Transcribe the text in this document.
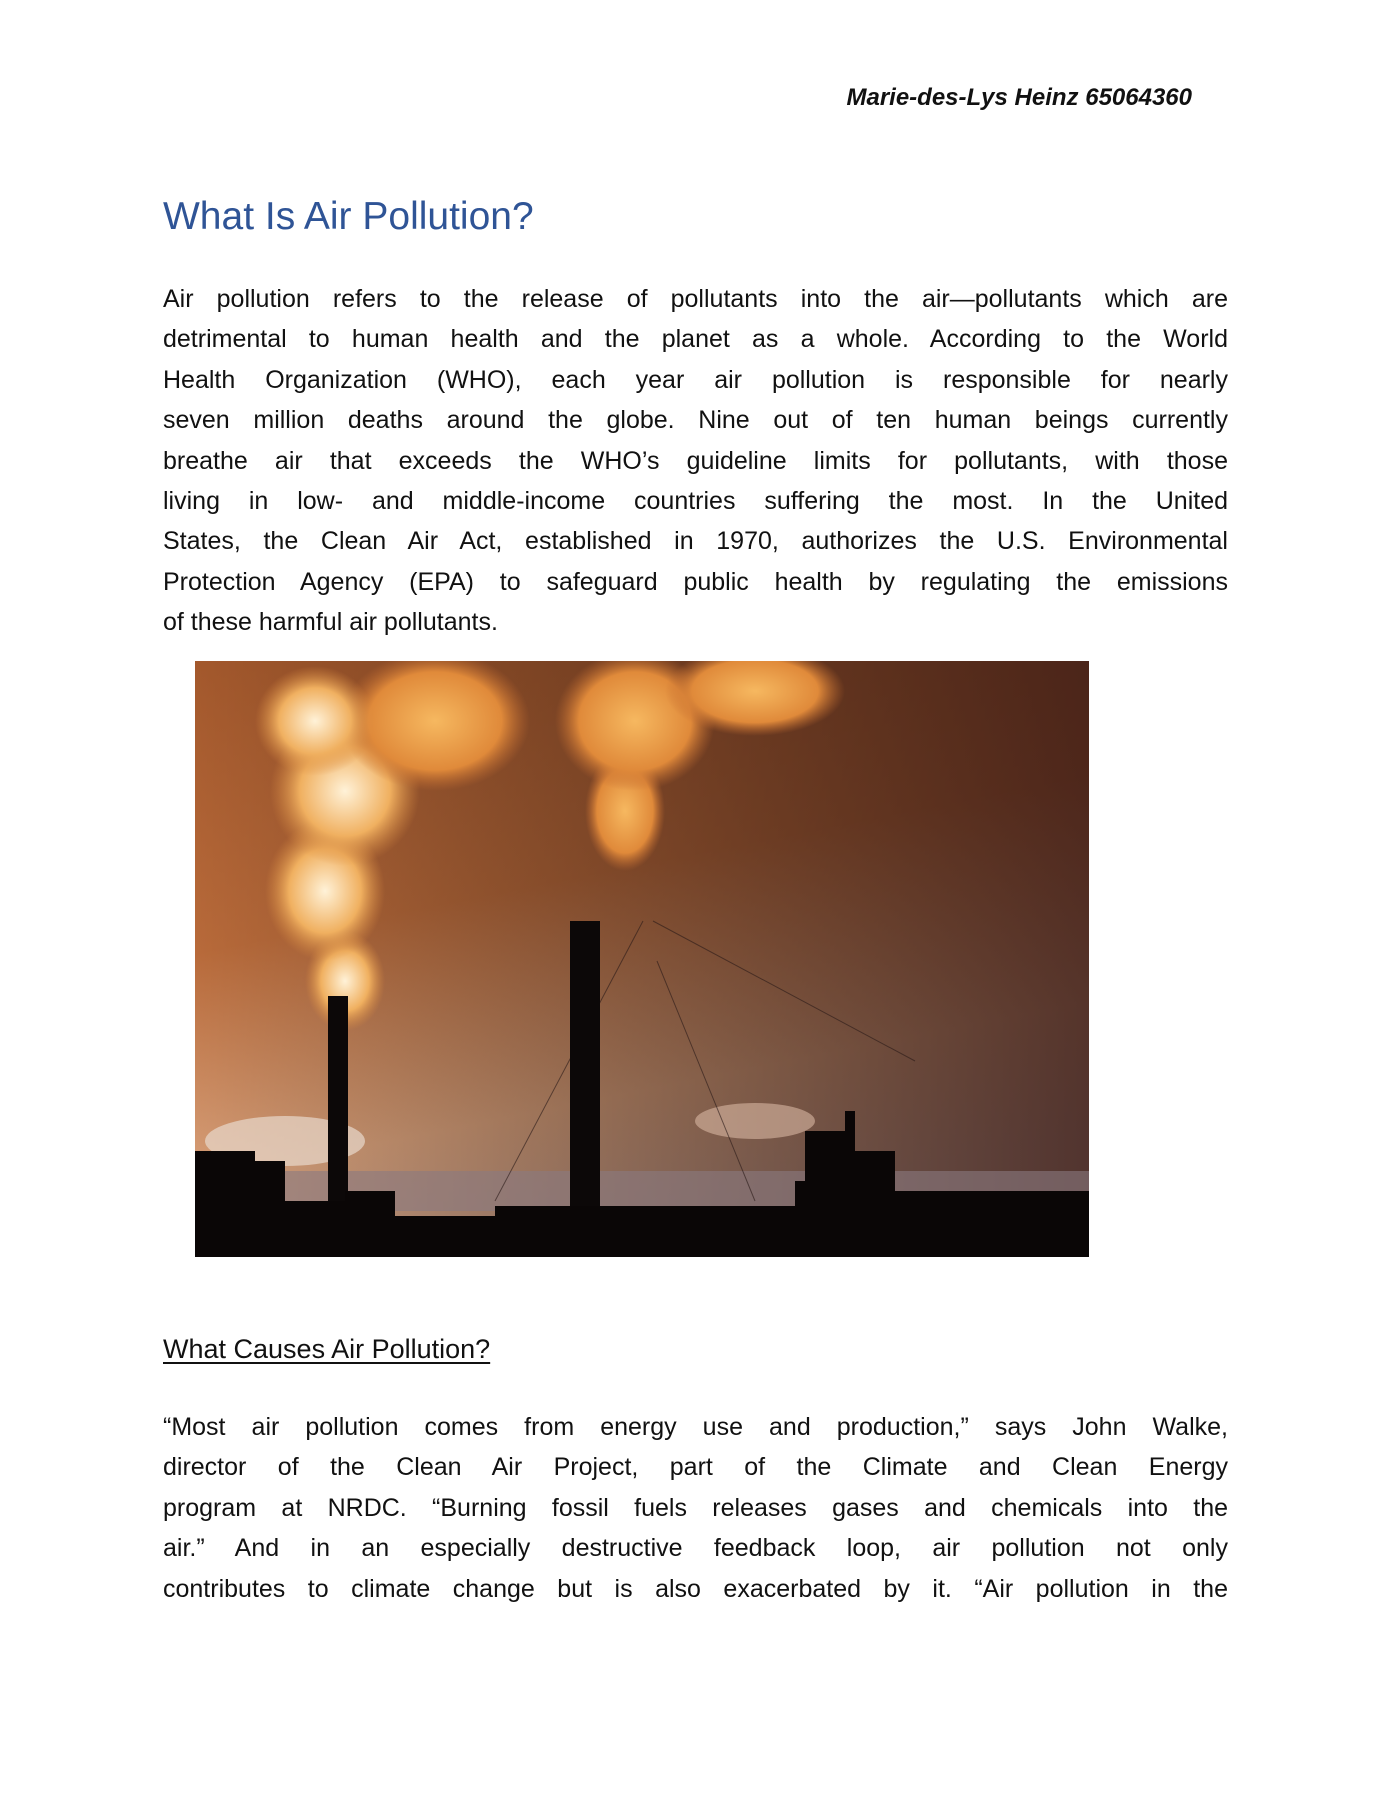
Marie-des-Lys Heinz 65064360
What Is Air Pollution?
Air pollution refers to the release of pollutants into the air—pollutants which are
detrimental to human health and the planet as a whole. According to the World
Health Organization (WHO), each year air pollution is responsible for nearly
seven million deaths around the globe. Nine out of ten human beings currently
breathe air that exceeds the WHO’s guideline limits for pollutants, with those
living in low- and middle-income countries suffering the most. In the United
States, the Clean Air Act, established in 1970, authorizes the U.S. Environmental
Protection Agency (EPA) to safeguard public health by regulating the emissions
of these harmful air pollutants.
What Causes Air Pollution?
“Most air pollution comes from energy use and production,” says John Walke,
director of the Clean Air Project, part of the Climate and Clean Energy
program at NRDC. “Burning fossil fuels releases gases and chemicals into the
air.” And in an especially destructive feedback loop, air pollution not only
contributes to climate change but is also exacerbated by it. “Air pollution in the
